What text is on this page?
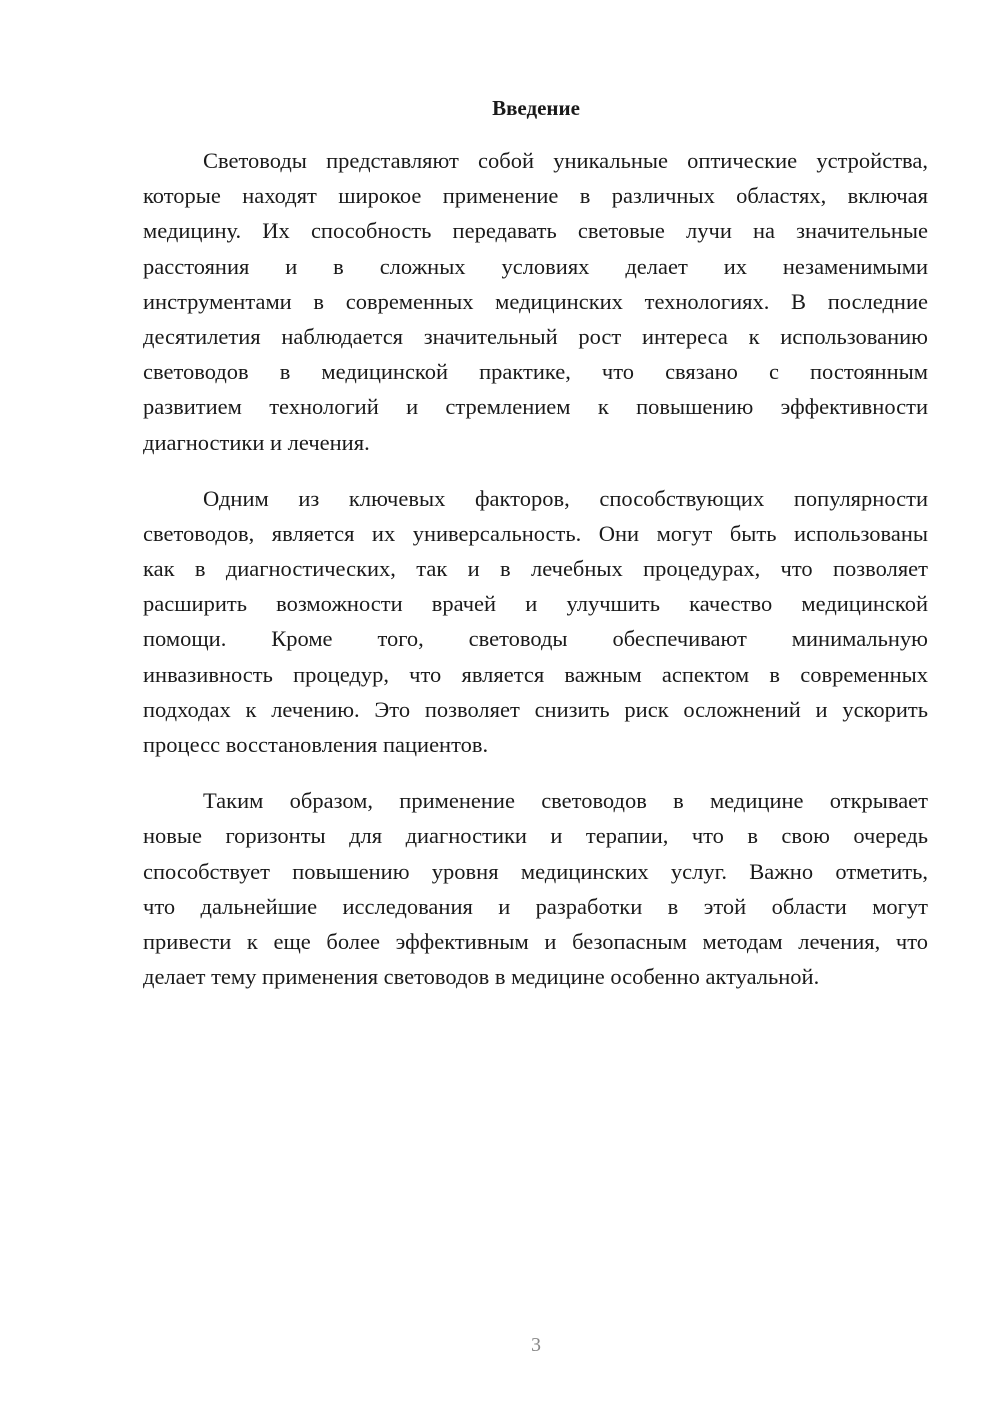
Введение
Световоды представляют собой уникальные оптические устройства,
которые находят широкое применение в различных областях, включая
медицину. Их способность передавать световые лучи на значительные
расстояния и в сложных условиях делает их незаменимыми
инструментами в современных медицинских технологиях. В последние
десятилетия наблюдается значительный рост интереса к использованию
световодов в медицинской практике, что связано с постоянным
развитием технологий и стремлением к повышению эффективности
диагностики и лечения.
Одним из ключевых факторов, способствующих популярности
световодов, является их универсальность. Они могут быть использованы
как в диагностических, так и в лечебных процедурах, что позволяет
расширить возможности врачей и улучшить качество медицинской
помощи. Кроме того, световоды обеспечивают минимальную
инвазивность процедур, что является важным аспектом в современных
подходах к лечению. Это позволяет снизить риск осложнений и ускорить
процесс восстановления пациентов.
Таким образом, применение световодов в медицине открывает
новые горизонты для диагностики и терапии, что в свою очередь
способствует повышению уровня медицинских услуг. Важно отметить,
что дальнейшие исследования и разработки в этой области могут
привести к еще более эффективным и безопасным методам лечения, что
делает тему применения световодов в медицине особенно актуальной.
3
